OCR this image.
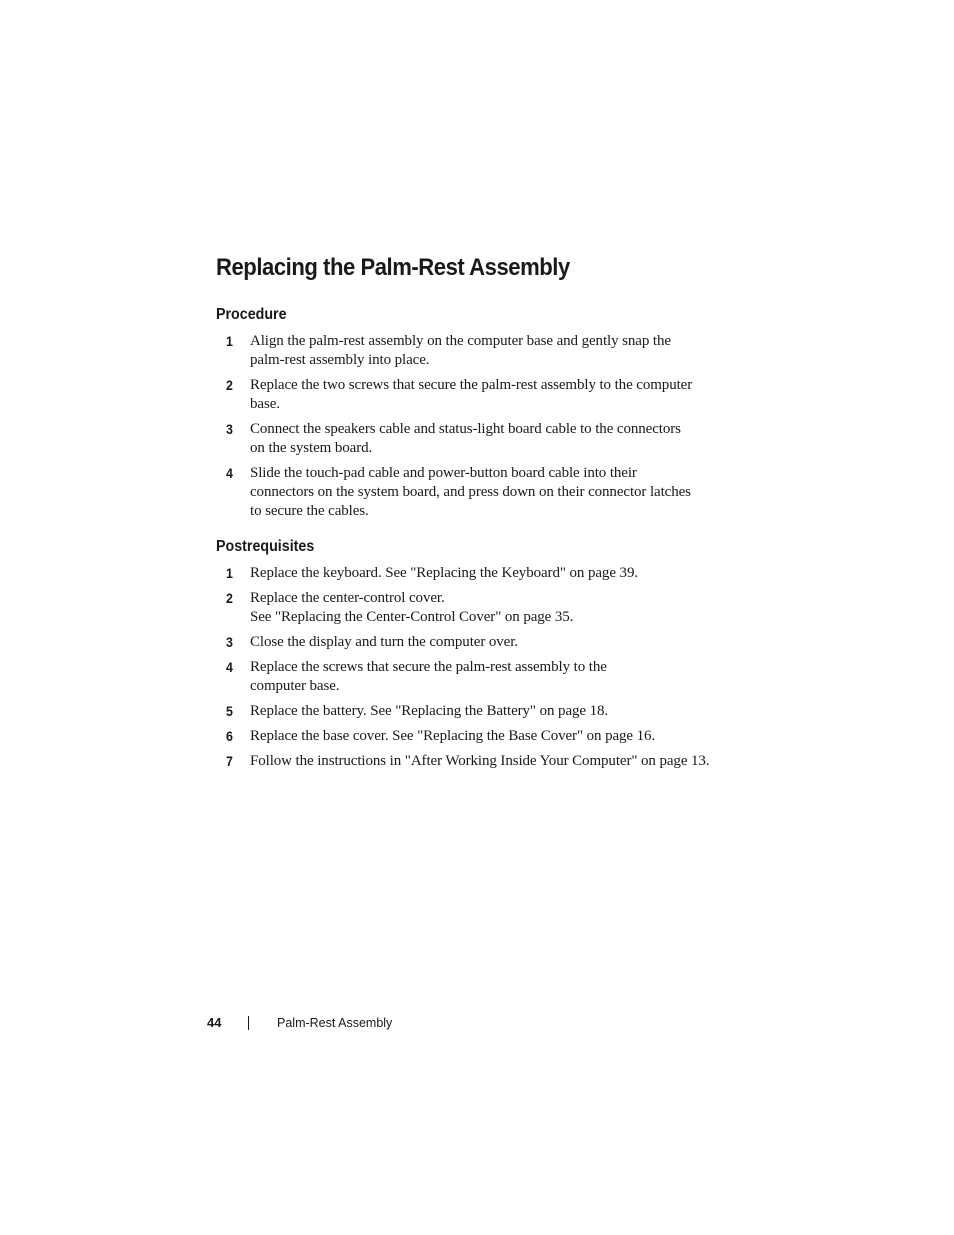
Replacing the Palm-Rest Assembly
Procedure
1	Align the palm-rest assembly on the computer base and gently snap the
palm-rest assembly into place.
2	Replace the two screws that secure the palm-rest assembly to the computer
base.
3	Connect the speakers cable and status-light board cable to the connectors
on the system board.
4	Slide the touch-pad cable and power-button board cable into their
connectors on the system board, and press down on their connector latches
to secure the cables.
Postrequisites
1	Replace the keyboard. See "Replacing the Keyboard" on page 39.
2	Replace the center-control cover.
See "Replacing the Center-Control Cover" on page 35.
3	Close the display and turn the computer over.
4	Replace the screws that secure the palm-rest assembly to the
computer base.
5	Replace the battery. See "Replacing the Battery" on page 18.
6	Replace the base cover. See "Replacing the Base Cover" on page 16.
7	Follow the instructions in "After Working Inside Your Computer" on page 13.
44	Palm-Rest Assembly
